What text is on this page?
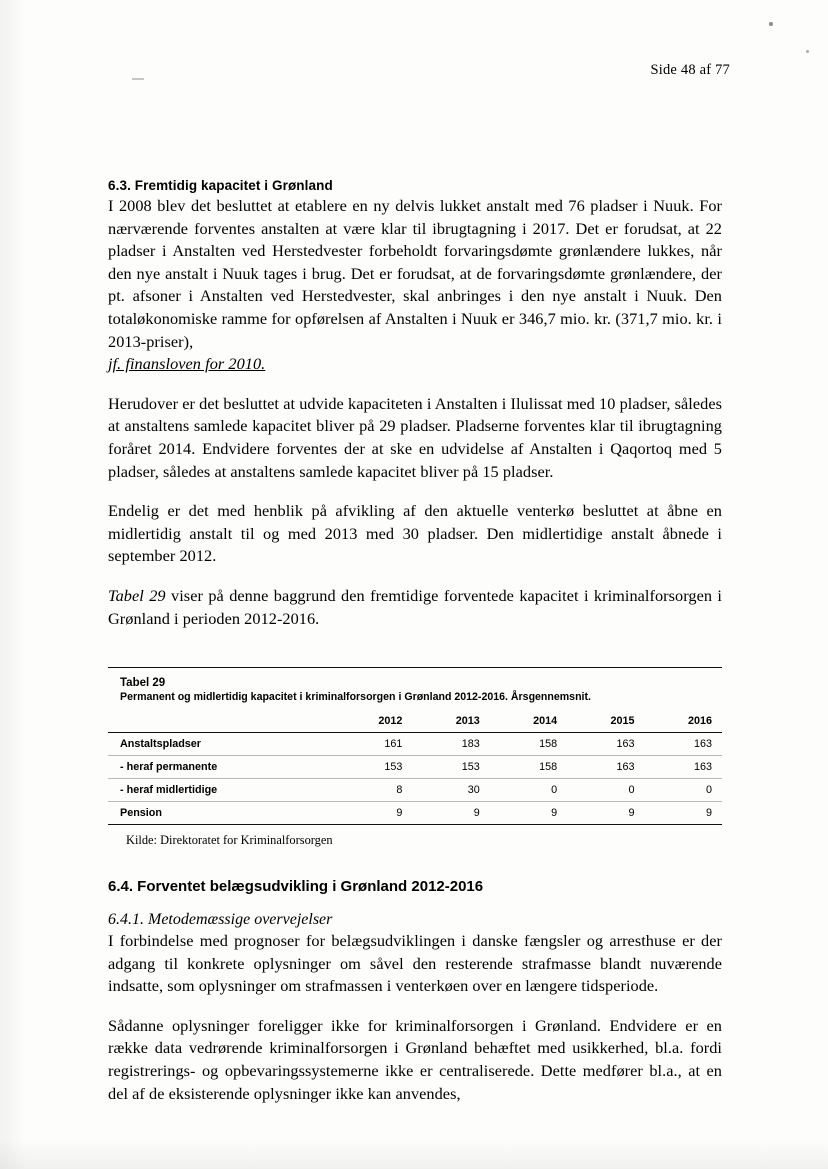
Side 48 af 77
6.3. Fremtidig kapacitet i Grønland

I 2008 blev det besluttet at etablere en ny delvis lukket anstalt med 76 pladser i Nuuk. For nærværende forventes anstalten at være klar til ibrugtagning i 2017. Det er forudsat, at 22 pladser i Anstalten ved Herstedvester forbeholdt forvaringsdømte grønlændere lukkes, når den nye anstalt i Nuuk tages i brug. Det er forudsat, at de forvaringsdømte grønlændere, der pt. afsoner i Anstalten ved Herstedvester, skal anbringes i den nye anstalt i Nuuk. Den totaløkonomiske ramme for opførelsen af Anstalten i Nuuk er 346,7 mio. kr. (371,7 mio. kr. i 2013-priser),

jf. finansloven for 2010.

Herudover er det besluttet at udvide kapaciteten i Anstalten i Ilulissat med 10 pladser, således at anstaltens samlede kapacitet bliver på 29 pladser. Pladserne forventes klar til ibrugtagning foråret 2014. Endvidere forventes der at ske en udvidelse af Anstalten i Qaqortoq med 5 pladser, således at anstaltens samlede kapacitet bliver på 15 pladser.

Endelig er det med henblik på afvikling af den aktuelle venterkø besluttet at åbne en midlertidig anstalt til og med 2013 med 30 pladser. Den midlertidige anstalt åbnede i september 2012.

Tabel 29 viser på denne baggrund den fremtidige forventede kapacitet i kriminalforsorgen i Grønland i perioden 2012-2016.

Tabel 29
Permanent og midlertidig kapacitet i kriminalforsorgen i Grønland 2012-2016. Årsgennemsnit.
	2012	2013	2014	2015	2016
Anstaltspladser	161	183	158	163	163
- heraf permanente	153	153	158	163	163
- heraf midlertidige	8	30	0	0	0
Pension	9	9	9	9	9
Kilde: Direktoratet for Kriminalforsorgen
6.4. Forventet belægsudvikling i Grønland 2012-2016

6.4.1. Metodemæssige overvejelser

I forbindelse med prognoser for belægsudviklingen i danske fængsler og arresthuse er der adgang til konkrete oplysninger om såvel den resterende strafmasse blandt nuværende indsatte, som oplysninger om strafmassen i venterkøen over en længere tidsperiode.

Sådanne oplysninger foreligger ikke for kriminalforsorgen i Grønland. Endvidere er en række data vedrørende kriminalforsorgen i Grønland behæftet med usikkerhed, bl.a. fordi registrerings- og opbevaringssystemerne ikke er centraliserede. Dette medfører bl.a., at en del af de eksisterende oplysninger ikke kan anvendes,
